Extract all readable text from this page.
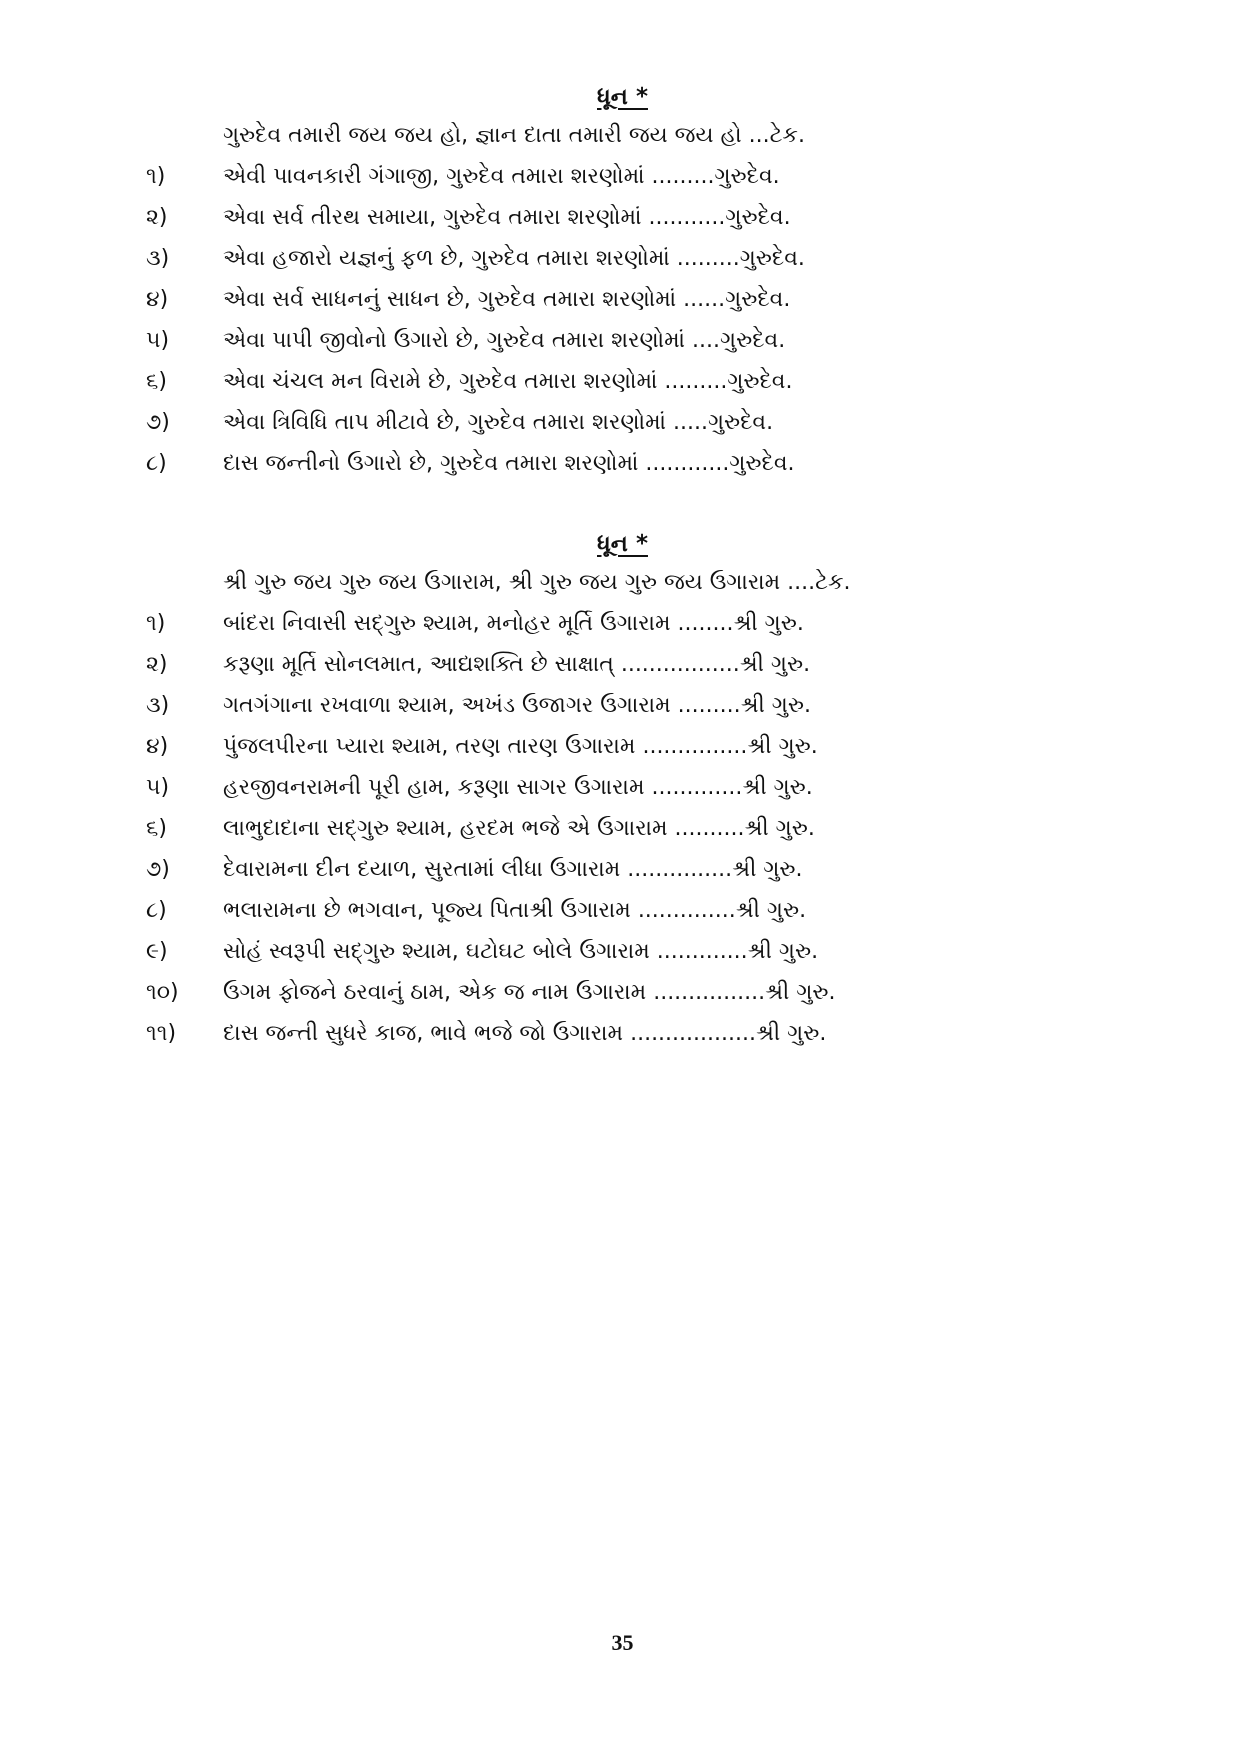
ધૂન *
ગુરુદેવ તમારી જય જય હો, જ્ઞાન દાતા તમારી જય જય હો ...ટેક.
૧)	એવી પાવનકારી ગંગાજી, ગુરુદેવ તમારા શરણોમાં .........ગુરુદેવ.
૨)	એવા સર્વ તીરથ સમાયા, ગુરુદેવ તમારા શરણોમાં ...........ગુરુદેવ.
૩) એવા હજારો યજ્ઞનું ફળ છે, ગુરુદેવ તમારા શરણોમાં .........ગુરુદેવ.
૪) એવા સર્વ સાધનનું સાધન છે, ગુરુદેવ તમારા શરણોમાં ......ગુરુદેવ.
૫) એવા પાપી જીવોનો ઉગારો છે, ગુરુદેવ તમારા શરણોમાં ....ગુરુદેવ.
૬)	એવા ચંચલ મન વિરામે છે, ગુરુદેવ તમારા શરણોમાં .........ગુરુદેવ.
૭) એવા ત્રિવિધિ તાપ મીટાવે છે, ગુરુદેવ તમારા શરણોમાં .....ગુરુદેવ.
૮)	દાસ જન્તીનો ઉગારો છે, ગુરુદેવ તમારા શરણોમાં ............ગુરુદેવ.
ધૂન *
શ્રી ગુરુ જય ગુરુ જય ઉગારામ, શ્રી ગુરુ જય ગુરુ જય ઉગારામ ....ટેક.
૧)	બાંદરા નિવાસી સદ્‌ગુરુ શ્યામ, મનોહર મૂર્તિ ઉગારામ ........શ્રી ગુરુ.
૨)	કરૂણા મૂર્તિ સોનલમાત, આદ્યશક્તિ છે સાક્ષાત્ .................શ્રી ગુરુ.
૩) ગતગંગાના રખવાળા શ્યામ, અખંડ ઉજાગર ઉગારામ .........શ્રી ગુરુ.
૪) પુંજલપીરના પ્યારા શ્યામ, તરણ તારણ ઉગારામ ...............શ્રી ગુરુ.
૫) હરજીવનરામની પૂરી હામ, કરૂણા સાગર ઉગારામ .............શ્રી ગુરુ.
૬)	લાભુદાદાના સદ્‌ગુરુ શ્યામ, હરદમ ભજે એ ઉગારામ ..........શ્રી ગુરુ.
૭) દેવારામના દીન દયાળ, સુરતામાં લીધા ઉગારામ ...............શ્રી ગુરુ.
૮)	ભલારામના છે ભગવાન, પૂજ્ય પિતાશ્રી ઉગારામ ..............શ્રી ગુરુ.
૯)	સોહં સ્વરૂપી સદ્‌ગુરુ શ્યામ, ઘટોઘટ બોલે ઉગારામ .............શ્રી ગુરુ.
૧૦) ઉગમ ફોજને ઠરવાનું ઠામ, એક જ નામ ઉગારામ ................શ્રી ગુરુ.
૧૧) દાસ જન્તી સુધરે કાજ, ભાવે ભજે જો ઉગારામ ..................શ્રી ગુરુ.
35
